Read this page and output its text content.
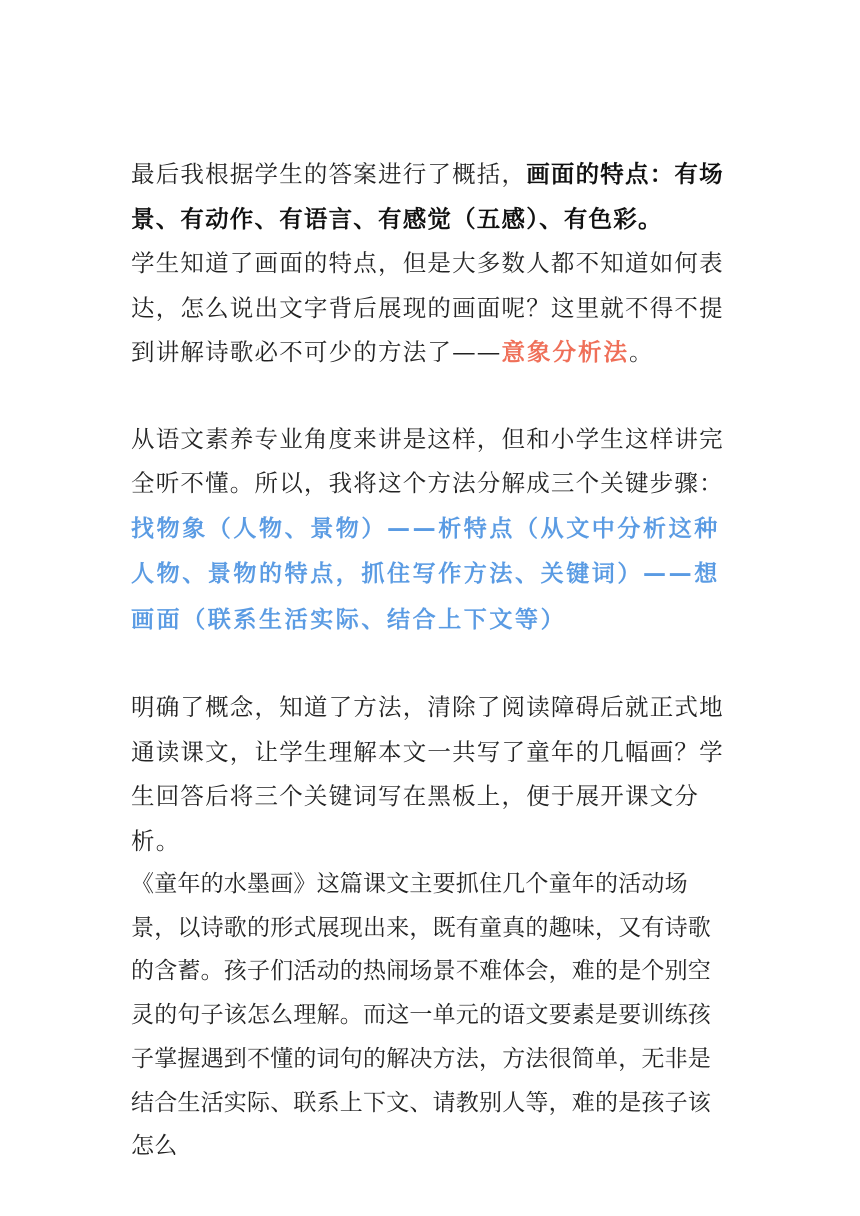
最后我根据学生的答案进行了概括，画面的特点：有场景、有动作、有语言、有感觉（五感）、有色彩。

学生知道了画面的特点，但是大多数人都不知道如何表达，怎么说出文字背后展现的画面呢？这里就不得不提到讲解诗歌必不可少的方法了——意象分析法。

从语文素养专业角度来讲是这样，但和小学生这样讲完全听不懂。所以，我将这个方法分解成三个关键步骤：找物象（人物、景物）——析特点（从文中分析这种人物、景物的特点，抓住写作方法、关键词）——想画面（联系生活实际、结合上下文等）

明确了概念，知道了方法，清除了阅读障碍后就正式地通读课文，让学生理解本文一共写了童年的几幅画？学生回答后将三个关键词写在黑板上，便于展开课文分析。

《童年的水墨画》这篇课文主要抓住几个童年的活动场景，以诗歌的形式展现出来，既有童真的趣味，又有诗歌的含蓄。孩子们活动的热闹场景不难体会，难的是个别空灵的句子该怎么理解。而这一单元的语文要素是要训练孩子掌握遇到不懂的词句的解决方法，方法很简单，无非是结合生活实际、联系上下文、请教别人等，难的是孩子该怎么
